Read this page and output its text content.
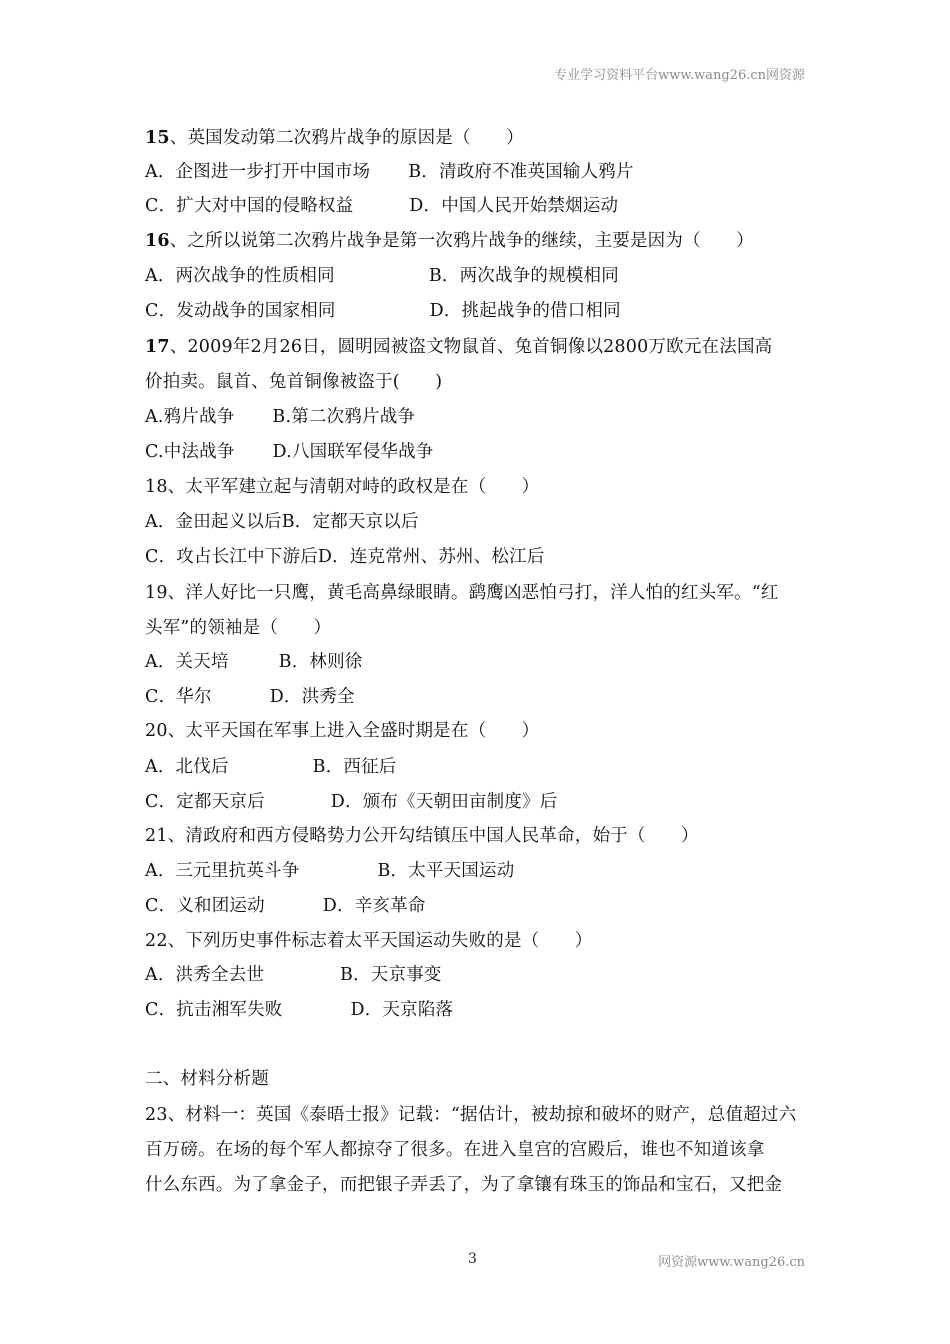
专业学习资料平台www.wang26.cn网资源
15、英国发动第二次鸦片战争的原因是（　　）
A．企图进一步打开中国市场 B．清政府不准英国输人鸦片
C．扩大对中国的侵略权益	D．中国人民开始禁烟运动
16、之所以说第二次鸦片战争是第一次鸦片战争的继续，主要是因为（　　）
A．两次战争的性质相同	B．两次战争的规模相同
C．发动战争的国家相同	D．挑起战争的借口相同
17、2009年2月26日，圆明园被盗文物鼠首、兔首铜像以2800万欧元在法国高
价拍卖。鼠首、兔首铜像被盗于(　　)
A.鸦片战争 B.第二次鸦片战争
C.中法战争 D.八国联军侵华战争
18、太平军建立起与清朝对峙的政权是在（　　）
A．金田起义以后B．定都天京以后
C．攻占长江中下游后D．连克常州、苏州、松江后
19、洋人好比一只鹰，黄毛高鼻绿眼睛。鹞鹰凶恶怕弓打，洋人怕的红头军。“红
头军”的领袖是（　　）
A．关天培	B．林则徐
C．华尔	D．洪秀全
20、太平天国在军事上进入全盛时期是在（　　）
A．北伐后	B．西征后
C．定都天京后	D．颁布《天朝田亩制度》后
21、清政府和西方侵略势力公开勾结镇压中国人民革命，始于（　　）
A．三元里抗英斗争	B．太平天国运动
C．义和团运动	D．辛亥革命
22、下列历史事件标志着太平天国运动失败的是（　　）
A．洪秀全去世	B．天京事变
C．抗击湘军失败	D．天京陷落
二、材料分析题
23、材料一：英国《泰晤士报》记载：“据估计，被劫掠和破坏的财产，总值超过六
百万磅。在场的每个军人都掠夺了很多。在进入皇宫的宫殿后，谁也不知道该拿
什么东西。为了拿金子，而把银子弄丢了，为了拿镶有珠玉的饰品和宝石，又把金
3	网资源www.wang26.cn
